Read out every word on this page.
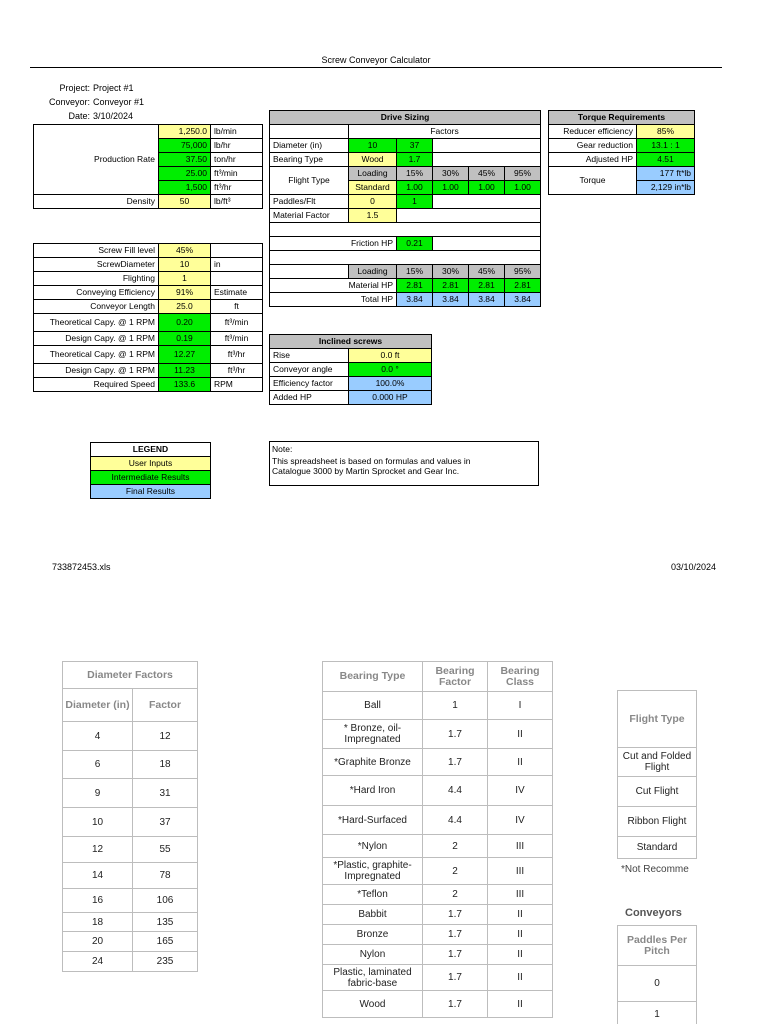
Screw Conveyor Calculator
Project: Project #1
Conveyor: Conveyor #1
Date: 3/10/2024
Production Rate	1,250.0	lb/min
	75,000	lb/hr
	37.50	ton/hr
	25.00	ft³/min
	1,500	ft³/hr
Density	50	lb/ft³
Screw Fill level	45%	
ScrewDiameter	10	in
Flighting	1	
Conveying Efficiency	91%	Estimate
Conveyor Length	25.0	ft
Theoretical Capy. @ 1 RPM	0.20	ft³/min
Design Capy. @ 1 RPM	0.19	ft³/min
Theoretical Capy. @ 1 RPM	12.27	ft³/hr
Design Capy. @ 1 RPM	11.23	ft³/hr
Required Speed	133.6	RPM
Drive Sizing					
	Factors				
Diameter (in)	10	37			
Bearing Type	Wood	1.7			
Flight Type	Loading	15%	30%	45%	95%
	Standard	1.00	1.00	1.00	1.00
Paddles/Flt	0	1			
Material Factor	1.5				

Friction HP		0.21			

	Loading	15%	30%	45%	95%
Material HP		2.81	2.81	2.81	2.81
Total HP		3.84	3.84	3.84	3.84
Inclined screws	
Rise	0.0 ft
Conveyor angle	0.0 °
Efficiency factor	100.0%
Added HP	0.000 HP
Torque Requirements	
Reducer efficiency	85%
Gear reduction	13.1 : 1
Adjusted HP	4.51
Torque	177 ft*lb
	2,129 in*lb
LEGEND
User Inputs
Intermediate Results
Final Results
Note:
This spreadsheet is based on formulas and values in
Catalogue 3000 by Martin Sprocket and Gear Inc.
733872453.xls	03/10/2024
Diameter Factors	
Diameter (in)	Factor
4	12
6	18
9	31
10	37
12	55
14	78
16	106
18	135
20	165
24	235
Bearing Type	Bearing Factor	Bearing Class
Ball	1	I
* Bronze, oil-Impregnated	1.7	II
*Graphite Bronze	1.7	II
*Hard Iron	4.4	IV
*Hard-Surfaced	4.4	IV
*Nylon	2	III
*Plastic, graphite-Impregnated	2	III
*Teflon	2	III
Babbit	1.7	II
Bronze	1.7	II
Nylon	1.7	II
Plastic, laminated fabric-base	1.7	II
Wood	1.7	II
Flight Type
Cut and Folded Flight
Cut Flight
Ribbon Flight
Standard
*Not Recomme
Conveyors
Paddles Per Pitch
0
1
